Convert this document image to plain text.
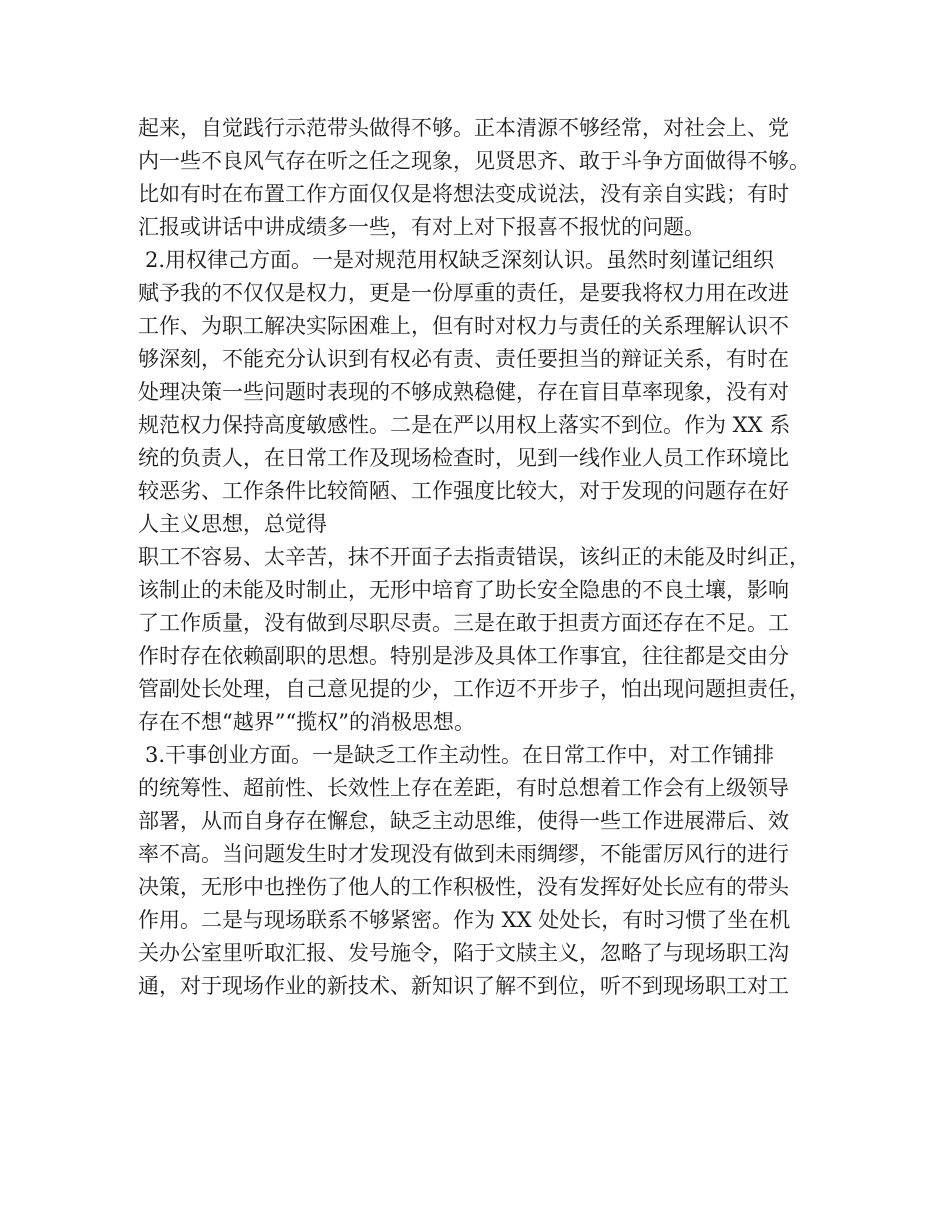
起来，自觉践行示范带头做得不够。正本清源不够经常，对社会上、党
内一些不良风气存在听之任之现象，见贤思齐、敢于斗争方面做得不够。
比如有时在布置工作方面仅仅是将想法变成说法，没有亲自实践；有时
汇报或讲话中讲成绩多一些，有对上对下报喜不报忧的问题。
2.用权律己方面。一是对规范用权缺乏深刻认识。虽然时刻谨记组织
赋予我的不仅仅是权力，更是一份厚重的责任，是要我将权力用在改进
工作、为职工解决实际困难上，但有时对权力与责任的关系理解认识不
够深刻，不能充分认识到有权必有责、责任要担当的辩证关系，有时在
处理决策一些问题时表现的不够成熟稳健，存在盲目草率现象，没有对
规范权力保持高度敏感性。二是在严以用权上落实不到位。作为 XX 系
统的负责人，在日常工作及现场检查时，见到一线作业人员工作环境比
较恶劣、工作条件比较简陋、工作强度比较大，对于发现的问题存在好
人主义思想，总觉得
职工不容易、太辛苦，抹不开面子去指责错误，该纠正的未能及时纠正，
该制止的未能及时制止，无形中培育了助长安全隐患的不良土壤，影响
了工作质量，没有做到尽职尽责。三是在敢于担责方面还存在不足。工
作时存在依赖副职的思想。特别是涉及具体工作事宜，往往都是交由分
管副处长处理，自己意见提的少，工作迈不开步子，怕出现问题担责任，
存在不想“越界”“揽权”的消极思想。
3.干事创业方面。一是缺乏工作主动性。在日常工作中，对工作铺排
的统筹性、超前性、长效性上存在差距，有时总想着工作会有上级领导
部署，从而自身存在懈怠，缺乏主动思维，使得一些工作进展滞后、效
率不高。当问题发生时才发现没有做到未雨绸缪，不能雷厉风行的进行
决策，无形中也挫伤了他人的工作积极性，没有发挥好处长应有的带头
作用。二是与现场联系不够紧密。作为 XX 处处长，有时习惯了坐在机
关办公室里听取汇报、发号施令，陷于文牍主义，忽略了与现场职工沟
通，对于现场作业的新技术、新知识了解不到位，听不到现场职工对工
